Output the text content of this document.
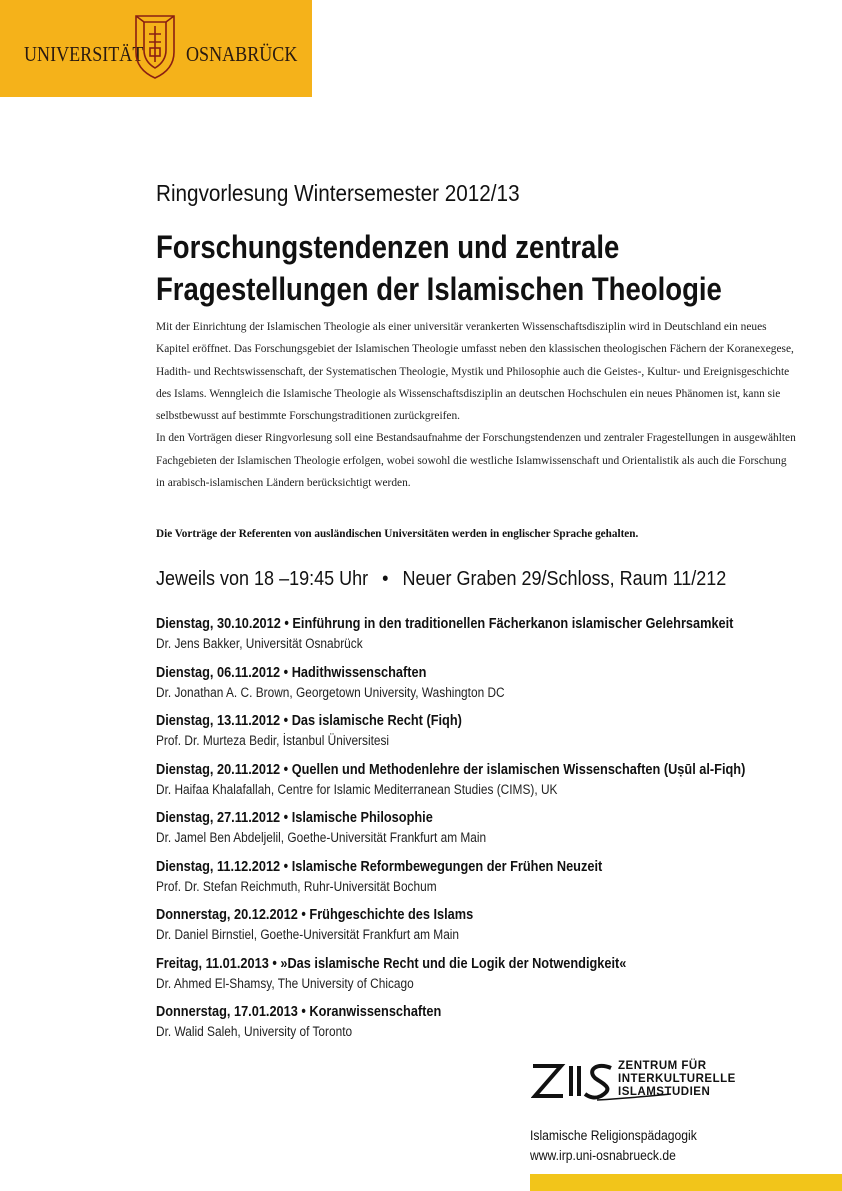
UNIVERSITÄT OSNABRÜCK
Ringvorlesung Wintersemester 2012/13
Forschungstendenzen und zentrale
Fragestellungen der Islamischen Theologie

Mit der Einrichtung der Islamischen Theologie als einer universitär verankerten Wissenschaftsdisziplin wird in Deutschland ein neues Kapitel eröffnet. Das Forschungsgebiet der Islamischen Theologie umfasst neben den klassischen theologischen Fächern der Koranexegese, Hadith- und Rechtswissenschaft, der Systematischen Theologie, Mystik und Philosophie auch die Geistes-, Kultur- und Ereignisgeschichte des Islams. Wenngleich die Islamische Theologie als Wissenschaftsdisziplin an deutschen Hochschulen ein neues Phänomen ist, kann sie selbstbewusst auf bestimmte Forschungstraditionen zurückgreifen.

In den Vorträgen dieser Ringvorlesung soll eine Bestandsaufnahme der Forschungstendenzen und zentraler Fragestellungen in ausgewählten Fachgebieten der Islamischen Theologie erfolgen, wobei sowohl die westliche Islamwissenschaft und Orientalistik als auch die Forschung in arabisch-islamischen Ländern berücksichtigt werden.

Die Vorträge der Referenten von ausländischen Universitäten werden in englischer Sprache gehalten.
Jeweils von 18 –19:45 Uhr • Neuer Graben 29/Schloss, Raum 11/212
Dienstag, 30.10.2012 • Einführung in den traditionellen Fächerkanon islamischer Gelehrsamkeit
Dr. Jens Bakker, Universität Osnabrück
Dienstag, 06.11.2012 • Hadithwissenschaften
Dr. Jonathan A. C. Brown, Georgetown University, Washington DC
Dienstag, 13.11.2012 • Das islamische Recht (Fiqh)
Prof. Dr. Murteza Bedir, İstanbul Üniversitesi
Dienstag, 20.11.2012 • Quellen und Methodenlehre der islamischen Wissenschaften (Uṣūl al-Fiqh)
Dr. Haifaa Khalafallah, Centre for Islamic Mediterranean Studies (CIMS), UK
Dienstag, 27.11.2012 • Islamische Philosophie
Dr. Jamel Ben Abdeljelil, Goethe-Universität Frankfurt am Main
Dienstag, 11.12.2012 • Islamische Reformbewegungen der Frühen Neuzeit
Prof. Dr. Stefan Reichmuth, Ruhr-Universität Bochum
Donnerstag, 20.12.2012 • Frühgeschichte des Islams
Dr. Daniel Birnstiel, Goethe-Universität Frankfurt am Main
Freitag, 11.01.2013 • »Das islamische Recht und die Logik der Notwendigkeit«
Dr. Ahmed El-Shamsy, The University of Chicago
Donnerstag, 17.01.2013 • Koranwissenschaften
Dr. Walid Saleh, University of Toronto
ZENTRUM FÜR
INTERKULTURELLE
ISLAMSTUDIEN
Islamische Religionspädagogik
www.irp.uni-osnabrueck.de
